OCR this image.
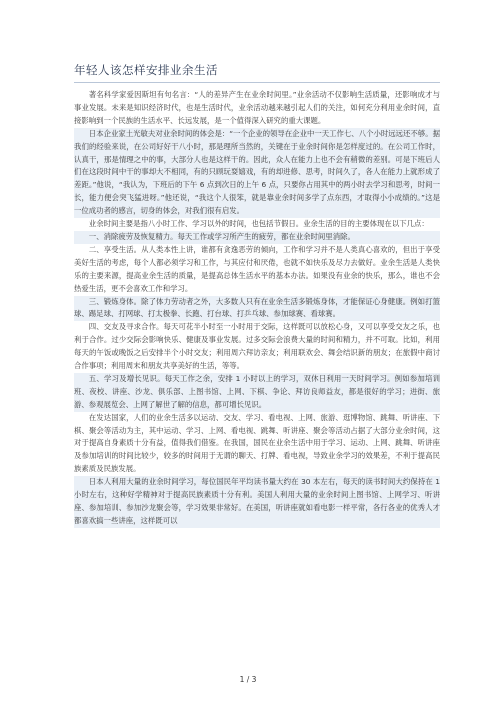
年轻人该怎样安排业余生活

著名科学家爱因斯坦有句名言：“人的差异产生在业余时间里。”业余活动不仅影响生活质量，还影响成才与事业发展。未来是知识经济时代，也是生活时代，业余活动越来越引起人们的关注，如何充分利用业余时间，直接影响到一个民族的生活水平、长远发展，是一个值得深入研究的重大课题。

日本企业家土光敏夫对业余时间的体会是：“一个企业的领导在企业中一天工作七、八个小时远远还不够。据我们的经验来说，在公司好好干八小时，那是理所当然的，关键在于业余时间你是怎样度过的。在公司工作时，认真干，那是情理之中的事，大部分人也是这样干的。因此，众人在能力上也不会有稍微的差别。可是下班后人们在这段时间中干的事却大不相同，有的只顾玩耍嬉戏，有的却进修、思考，时间久了，各人在能力上就形成了差距。”他说，“我认为，下班后的下午 6 点到次日的上午 6 点，只要你占用其中的两小时去学习和思考，时间一长，能力便会突飞猛进呀。”他还说，“我这个人很笨，就是靠业余时间多学了点东西，才取得小小成绩的。”这是一位成功者的感言，切身的体会，对我们很有启发。

业余时间主要是指八小时工作、学习以外的时间，也包括节假日。业余生活的目的主要体现在以下几点：

一、消除疲劳及恢复精力。每天工作或学习所产生的疲劳，都在业余时间里消除。

二、享受生活。从人类本性上讲，谁都有贪逸恶劳的倾向，工作和学习并不是人类真心喜欢的，但出于享受美好生活的考虑，每个人都必须学习和工作，与其应付和厌倦，也就不如快乐及尽力去做好。业余生活是人类快乐的主要来源，提高业余生活的质量，是提高总体生活水平的基本办法。如果没有业余的快乐，那么，谁也不会热爱生活，更不会喜欢工作和学习。

三、锻炼身体。除了体力劳动者之外，大多数人只有在业余生活多锻炼身体，才能保证心身健康。例如打篮球、踢足球、打网球、打太极拳、长跑、打台球、打乒乓球、参加球赛、看球赛。

四、交友及寻求合作。每天可花半小时至一小时用于交际，这样既可以放松心身，又可以享受交友之乐，也利于合作。过少交际会影响快乐、健康及事业发展。过多交际会浪费大量的时间和精力，并不可取。比如，利用每天的午饭或晚饭之后安排半个小时交友；利用周六拜访亲友；利用联欢会、舞会结识新的朋友；在旅假中商讨合作事项；利用周末和朋友共享美好的生活，等等。

五、学习及增长见识。每天工作之余，安排 1 小时以上的学习，双休日利用一天时间学习。例如参加培训班、夜校、讲座、沙龙、俱乐部、上图书馆、上网、下棋、争论、拜访良师益友，都是很好的学习；进街、旅游、参观展览会、上网了解世了解的信息，都可增长见识。

在发达国家，人们的业余生活多以运动、交友、学习、看电视、上网、旅游、逛博物馆、跳舞、听讲座、下棋、聚会等活动为主，其中运动、学习、上网、看电视、跳舞、听讲座、聚会等活动占据了大部分业余时间，这对于提高自身素质十分有益，值得我们借鉴。在我国，国民在业余生活中用于学习、运动、上网、跳舞、听讲座及参加培训的时间比较少，较多的时间用于无谓的聊天、打牌、看电视，导致业余学习的效果差，不利于提高民族素质及民族发展。

日本人利用大量的业余时间学习，每位国民年平均读书量大约在 30 本左右，每天的读书时间大约保持在 1 小时左右，这种好学精神对于提高民族素质十分有利。美国人利用大量的业余时间上图书馆、上网学习、听讲座、参加培训、参加沙龙聚会等，学习效果非常好。在美国，听讲座就如看电影一样平常，各行各业的优秀人才都喜欢搞一些讲座，这样既可以

1 / 3
